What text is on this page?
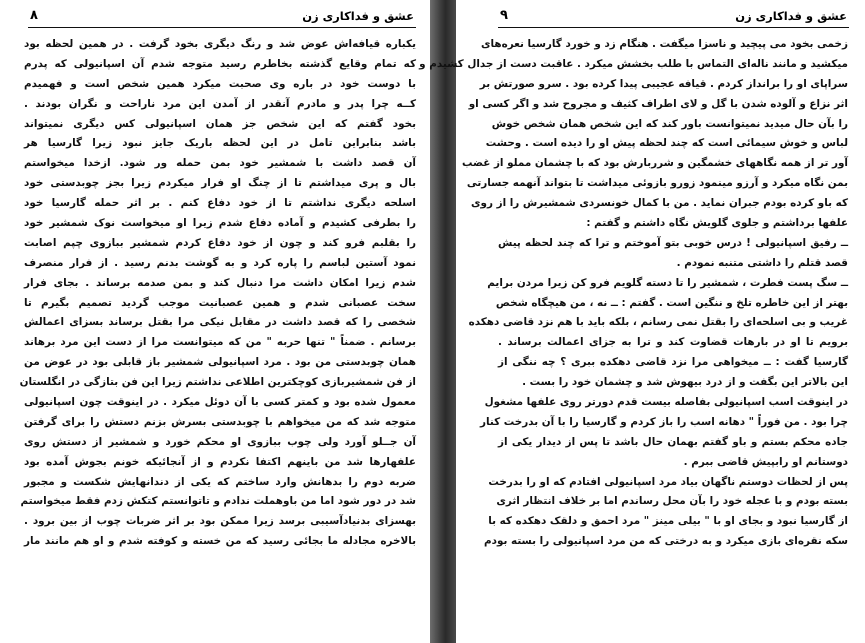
عشق و فداکاری زن
۸
یکباره قیافه‌اش عوض شد و رنگ دیگری بخود گرفت . در همین لحظه بود
که تمام وقایع گذشته بخاطرم رسید متوجه شدم آن اسپانیولی که پدرم
با دوست خود در باره وی صحبت میکرد همین شخص است و فهمیدم
کــه چرا پدر و مادرم آنقدر از آمدن این مرد ناراحت و نگران بودند .
بخود گفتم که این شخص جز همان اسپانیولی کس دیگری نمیتواند
باشد بنابراین تامل در این لحظه باریک جایز نبود زیرا گارسیا هر
آن قصد داشت با شمشیر خود بمن حمله ور شود. ازخدا میخواستم
بال و پری میداشتم تا از چنگ او فرار میکردم زیرا بجز چوبدستی خود
اسلحه دیگری نداشتم تا از خود دفاع کنم . بر اثر حمله گارسیا خود
را بطرفی کشیدم و آماده دفاع شدم زیرا او میخواست نوک شمشیر خود
را بقلبم فرو کند و چون از خود دفاع کردم شمشیر ببازوی چپم اصابت
نمود آستین لباسم را پاره کرد و به گوشت بدنم رسید . از فرار منصرف
شدم زیرا امکان داشت مرا دنبال کند و بمن صدمه برساند . بجای فرار
سخت عصبانی شدم و همین عصبانیت موجب گردید تصمیم بگیرم تا
شخصی را که قصد داشت در مقابل نیکی مرا بقتل برساند بسزای اعمالش
برسانم . ضمناً " تنها حربه " من که میتوانست مرا از دست این مرد برهاند
همان چوبدستی من بود . مرد اسپانیولی شمشیر باز قابلی بود در عوض من
از فن شمشیربازی کوچکترین اطلاعی نداشتم زیرا این فن بتازگی در انگلستان
معمول شده بود و کمتر کسی با آن دوئل میکرد . در اینوقت چون اسپانیولی
متوجه شد که من میخواهم با چوبدستی بسرش بزنم دستش را برای گرفتن
آن جــلو آورد ولی چوب ببازوی او محکم خورد و شمشیر از دستش روی
علفهارها شد من باینهم اکتفا نکردم و از آنجائیکه خونم بجوش آمده بود
ضربه دوم را بدهانش وارد ساختم که یکی از دندانهایش شکست و مجبور
شد در دور شود اما من باوهملت ندادم و تاتوانستم کتکش زدم فقط میخواستم
بهسزای بدنیادآسیبی برسد زیرا ممکن بود بر اثر ضربات چوب از بین برود .
بالاخره مجادله ما بجائی رسید که من خسته و کوفته شدم و او هم مانند مار
عشق و فداکاری زن
۹
زخمی بخود می پیچید و ناسزا میگفت . هنگام زد و خورد گارسیا نعره‌های
میکشید و مانند ناله‌ای التماس با طلب بخشش میکرد . عاقبت دست از جدال کشیدم و
سراپای او را برانداز کردم . قیافه عجیبی پیدا کرده بود . سرو صورتش بر
اثر نزاع و آلوده شدن با گل و لای اطراف کثیف و مجروح شد و اگر کسی او
را بآن حال میدید نمیتوانست باور کند که این شخص همان شخص خوش
لباس و خوش سیمائی است که چند لحظه پیش او را دیده است . وحشت
آور تر از همه نگاههای خشمگین و شرربارش بود که با چشمان مملو از غضب
بمن نگاه میکرد و آرزو مینمود زورو بازوئی میداشت تا بتواند آنهمه جسارتی
که باو کرده بودم جبران نماید . من با کمال خونسردی شمشیرش را از روی
علفها برداشتم و جلوی گلویش نگاه داشتم و گفتم :
ــ رفیق اسپانیولی ! درس خوبی بتو آموختم و ترا که چند لحظه پیش
قصد قتلم را داشتی متنبه نمودم .
ــ سگ پست فطرت ، شمشیر را تا دسته گلویم فرو کن زیرا مردن برایم
بهتر از این خاطره تلخ و ننگین است . گفتم : ــ نه ، من هیچگاه شخص
غریب و بی اسلحه‌ای را بقتل نمی رسانم ، بلکه باید با هم نزد قاضی دهکده
برویم تا او در بارهات قضاوت کند و ترا به جزای اعمالت برساند .
گارسیا گفت : ــ میخواهی مرا نزد قاضی دهکده ببری ؟ چه ننگی از
این بالاتر این بگفت و از درد بیهوش شد و چشمان خود را بست .
در اینوقت اسب اسپانیولی بفاصله بیست قدم دورتر روی علفها مشغول
چرا بود . من فوراً " دهانه اسب را باز کردم و گارسیا را با آن بدرخت کنار
جاده محکم بستم و باو گفتم بهمان حال باشد تا پس از دیدار یکی از
دوستانم او رابپیش قاضی ببرم .
پس از لحظات دوستم ناگهان بیاد مرد اسپانیولی افتادم که او را بدرخت
بسته بودم و با عجله خود را بآن محل رساندم اما بر خلاف انتظار اثری
از گارسیا نبود و بجای او با " بیلی مینز " مرد احمق و دلقک دهکده که با
سکه نقره‌ای بازی میکرد و به درختی که من مرد اسپانیولی را بسته بودم
